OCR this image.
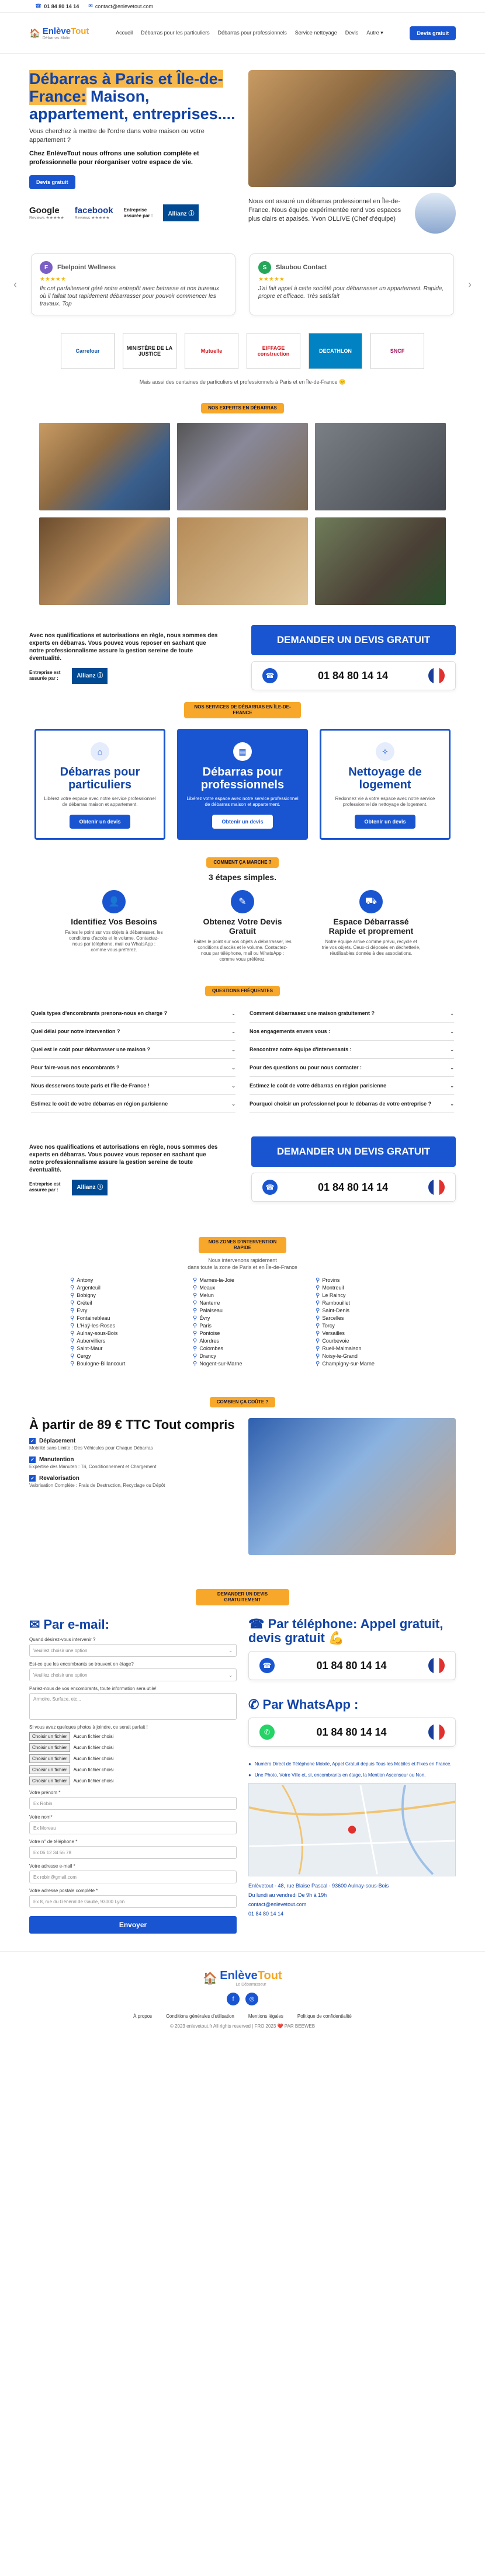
☎ 01 84 80 14 14 ✉ contact@enlevetout.com
🏠 EnlèveTout
Débarras Malin
Accueil Débarras pour les particuliers Débarras pour professionnels Service nettoyage Devis Autre ▾	Devis gratuit
Débarras à Paris et Île-de-France: Maison, appartement, entreprises....

Vous cherchez à mettre de l'ordre dans votre maison ou votre appartement ?

Chez EnlèveTout nous offrons une solution complète et professionnelle pour réorganiser votre espace de vie.

Devis gratuit
Google
Reviews ★★★★★
facebook
Reviews ★★★★★
Entreprise
assurée par :	Allianz ⓘ

Nous ont assuré un débarras professionnel en Île-de-France. Nous équipe expérimentée rend vos espaces plus clairs et apaisés. Yvon OLLIVE (Chef d'équipe)

‹
F	Fbelpoint Wellness
★★★★★

Ils ont parfaitement géré notre entrepôt avec betrasse et nos bureaux où il fallait tout rapidement débarrasser pour pouvoir commencer les travaux. Top

S	Slaubou Contact
★★★★★

J'ai fait appel à cette société pour débarrasser un appartement. Rapide, propre et efficace. Très satisfait

›
Carrefour	MINISTÈRE DE LA JUSTICE	Mutuelle	EIFFAGE construction	DECATHLON	SNCF

Mais aussi des centaines de particuliers et professionnels à Paris et en Île-de-France 🙂

NOS EXPERTS EN DÉBARRAS

Avec nos qualifications et autorisations en règle, nous sommes des experts en débarras. Vous pouvez vous reposer en sachant que notre professionnalisme assure la gestion sereine de toute éventualité.

Entreprise est
assurée par :	Allianz ⓘ
DEMANDER UN DEVIS GRATUIT
☎	01 84 80 14 14
NOS SERVICES DE DÉBARRAS EN ÎLE-DE-FRANCE
⌂
Débarras pour particuliers

Libérez votre espace avec notre service professionnel de débarras maison et appartement.

Obtenir un devis
▦
Débarras pour professionnels

Libérez votre espace avec notre service professionnel de débarras maison et appartement.

Obtenir un devis
✧
Nettoyage de logement

Redonnez vie à votre espace avec notre service professionnel de nettoyage de logement.

Obtenir un devis
COMMENT ÇA MARCHE ?
3 étapes simples.
👤
Identifiez Vos Besoins

Faites le point sur vos objets à débarrasser, les conditions d'accès et le volume. Contactez-nous par téléphone, mail ou WhatsApp : comme vous préférez.

✎
Obtenez Votre Devis Gratuit

Faites le point sur vos objets à débarrasser, les conditions d'accès et le volume. Contactez-nous par téléphone, mail ou WhatsApp : comme vous préférez.

⛟
Espace Débarrassé Rapide et proprement

Notre équipe arrive comme prévu, recycle et trie vos objets. Ceux-ci déposés en déchetterie, réutilisables donnés à des associations.

QUESTIONS FRÉQUENTES
Quels types d'encombrants prenons-nous en charge ?	⌄	Comment débarrassez une maison gratuitement ?	⌄
Quel délai pour notre intervention ?	⌄	Nos engagements envers vous :	⌄
Quel est le coût pour débarrasser une maison ?	⌄	Rencontrez notre équipe d'intervenants :	⌄
Pour faire-vous nos encombrants ?	⌄	Pour des questions ou pour nous contacter :	⌄
Nous desservons toute paris et l'Île-de-France !	⌄	Estimez le coût de votre débarras en région parisienne	⌄
Estimez le coût de votre débarras en région parisienne	⌄	Pourquoi choisir un professionnel pour le débarras de votre entreprise ?	⌄

Avec nos qualifications et autorisations en règle, nous sommes des experts en débarras. Vous pouvez vous reposer en sachant que notre professionnalisme assure la gestion sereine de toute éventualité.

Entreprise est
assurée par :	Allianz ⓘ
DEMANDER UN DEVIS GRATUIT
☎	01 84 80 14 14
NOS ZONES D'INTERVENTION RAPIDE

Nous intervenons rapidement
dans toute la zone de Paris et en Île-de-France

⚲ Antony
⚲ Argenteuil
⚲ Bobigny
⚲ Créteil
⚲ Evry
⚲ Fontainebleau
⚲ L'Haÿ-les-Roses
⚲ Aulnay-sous-Bois
⚲ Aubervilliers
⚲ Saint-Maur
⚲ Cergy
⚲ Boulogne-Billancourt
⚲ Marnes-la-Joie
⚲ Meaux
⚲ Melun
⚲ Nanterre
⚲ Palaiseau
⚲ Évry
⚲ Paris
⚲ Pontoise
⚲ Alordres
⚲ Colombes
⚲ Drancy
⚲ Nogent-sur-Marne
⚲ Provins
⚲ Montreuil
⚲ Le Raincy
⚲ Rambouillet
⚲ Saint-Denis
⚲ Sarcelles
⚲ Torcy
⚲ Versailles
⚲ Courbevoie
⚲ Rueil-Malmaison
⚲ Noisy-le-Grand
⚲ Champigny-sur-Marne
COMBIEN ÇA COÛTE ?
À partir de 89 € TTC Tout compris
✓ Déplacement
Mobilité sans Limite : Des Véhicules pour Chaque Débarras
✓ Manutention
Expertise des Manuten : Tri, Conditionnement et Chargement
✓ Revalorisation
Valorisation Complète : Frais de Destruction, Recyclage ou Dépôt
DEMANDER UN DEVIS GRATUITEMENT
✉ Par e-mail:
Quand désirez-vous intervenir ?
Veuillez choisir une option	⌄
Est-ce que les encombrants se trouvent en étage?
Veuillez choisir une option	⌄
Parlez-nous de vos encombrants, toute information sera utile!
Armoire, Surface, etc...
Si vous avez quelques photos à joindre, ce serait parfait !
Choisir un fichier	Aucun fichier choisi
Choisir un fichier	Aucun fichier choisi
Choisir un fichier	Aucun fichier choisi
Choisir un fichier	Aucun fichier choisi
Choisir un fichier	Aucun fichier choisi
Votre prénom *
Ex Robin
Votre nom*
Ex Moreau
Votre n° de téléphone *
Ex 06 12 34 56 78
Votre adresse e-mail *
Ex robin@gmail.com
Votre adresse postale complète *
Ex 8, rue du Général de Gaulle, 93000 Lyon
Envoyer
☎ Par téléphone: Appel gratuit, devis gratuit 💪
☎	01 84 80 14 14
✆ Par WhatsApp :
✆	01 84 80 14 14
● Numéro Direct de Téléphone Mobile, Appel Gratuit depuis Tous les Mobiles et Fixes en France.
● Une Photo, Votre Ville et, si, encombrants en étage, la Mention Ascenseur ou Non.
Enlèvetout - 48, rue Blaise Pascal - 93600 Aulnay-sous-Bois
Du lundi au vendredi De 9h à 19h
contact@enlevetout.com
01 84 80 14 14
🏠 EnlèveTout
Le Débarrasseur
f	◎
À propos	Conditions générales d'utilisation	Mentions légales	Politique de confidentialité
© 2023 enlevetout.fr All rights reserved | FRO 2023 ❤️ PAR BEEWEB
